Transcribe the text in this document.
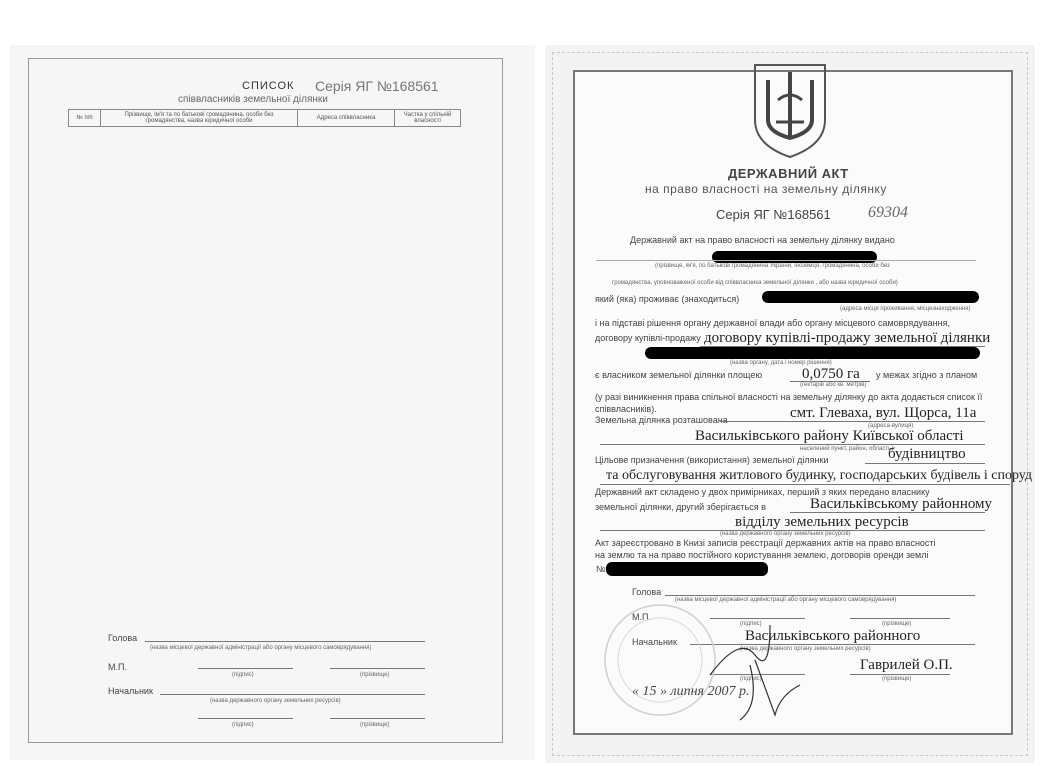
СПИСОК Серія ЯГ №168561
співвласників земельної ділянки
№ п/п	Прізвище, ім'я та по батькові громадянина, особи без громадянства, назва юридичної особи	Адреса співвласника	Частка у спільній власності
Голова
(назва місцевої державної адміністрації або органу місцевого самоврядування)
М.П.
(підпис)	(прізвище)
Начальник
(назва державного органу земельних ресурсів)
(підпис)	(прізвище)
ДЕРЖАВНИЙ АКТ
на право власності на земельну ділянку
Серія ЯГ №168561 69304
Державний акт на право власності на земельну ділянку видано
(прізвище, ім'я, по батькові громадянина України, іноземця, громадянина, особи без
громадянства, уповноваженої особи від співвласника земельної ділянки , або назва юридичної особи)
який (яка) проживає (знаходиться)
(адреса місця проживання, місцезнаходження)
і на підставі рішення органу державної влади або органу місцевого самоврядування,
договору купівлі-продажу договору купівлі-продажу земельної ділянки
(назва органу, дата і номер рішення)
є власником земельної ділянки площею	0,0750 га
(гектарів або кв. метрів)
у межах згідно з планом
(у разі виникнення права спільної власності на земельну ділянку до акта додається список її співвласників).
Земельна ділянка розташована	смт. Глеваха, вул. Щорса, 11а
(адреса-вулиця)
Васильківського району Київської області
населений пункт, район, область)
Цільове призначення (використання) земельної ділянки	будівництво
та обслуговування житлового будинку, господарських будівель і споруд
Державний акт складено у двох примірниках, перший з яких передано власнику
земельної ділянки, другий зберігається в	Васильківському районному
відділу земельних ресурсів
(назва державного органу земельних ресурсів)
Акт зареєстровано в Книзі записів реєстрації державних актів на право власності
на землю та на право постійного користування землею, договорів оренди землі
№
Голова
(назва місцевої державної адміністрації або органу місцевого самоврядування)
М.П.
(підпис)	(прізвище)
Начальник	Васильківського районного
(назва державного органу земельних ресурсів)
Гаврилей О.П.
(підпис)	(прізвище)
« 15 » липня 2007 р.
